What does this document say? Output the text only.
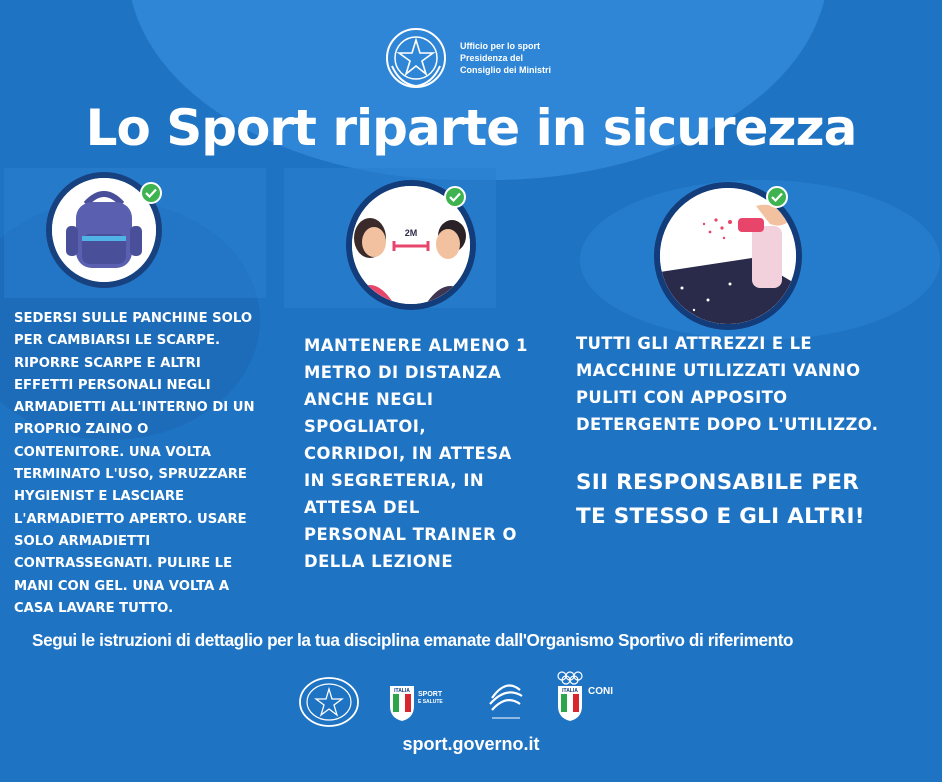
Ufficio per lo sport
Presidenza del
Consiglio dei Ministri
Lo Sport riparte in sicurezza
2M
SEDERSI SULLE PANCHINE SOLO
PER CAMBIARSI LE SCARPE.
RIPORRE SCARPE E ALTRI
EFFETTI PERSONALI NEGLI
ARMADIETTI ALL'INTERNO DI UN
PROPRIO ZAINO O
CONTENITORE. UNA VOLTA
TERMINATO L'USO, SPRUZZARE
HYGIENIST E LASCIARE
L'ARMADIETTO APERTO. USARE
SOLO ARMADIETTI
CONTRASSEGNATI. PULIRE LE
MANI CON GEL. UNA VOLTA A
CASA LAVARE TUTTO.
MANTENERE ALMENO 1
METRO DI DISTANZA
ANCHE NEGLI
SPOGLIATOI,
CORRIDOI, IN ATTESA
IN SEGRETERIA, IN
ATTESA DEL
PERSONAL TRAINER O
DELLA LEZIONE
TUTTI GLI ATTREZZI E LE
MACCHINE UTILIZZATI VANNO
PULITI CON APPOSITO
DETERGENTE DOPO L'UTILIZZO.
SII RESPONSABILE PER
TE STESSO E GLI ALTRI!
Segui le istruzioni di dettaglio per la tua disciplina emanate dall'Organismo Sportivo di riferimento
ITALIA SPORT
E SALUTE
ITALIA CONI
sport.governo.it
